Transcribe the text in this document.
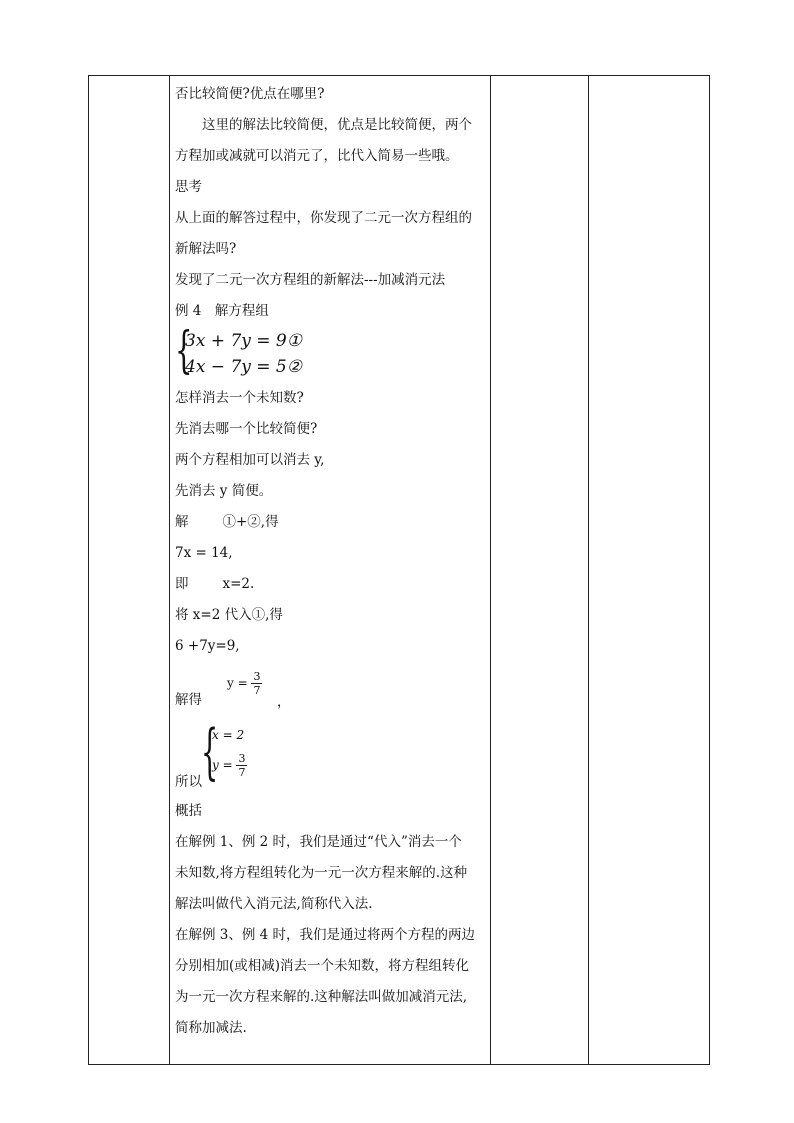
否比较简便?优点在哪里?
这里的解法比较简便，优点是比较简便，两个
方程加或减就可以消元了，比代入简易一些哦。
思考
从上面的解答过程中，你发现了二元一次方程组的
新解法吗?
发现了二元一次方程组的新解法---加减消元法
例 4　解方程组
{
3x + 7y = 9①
4x − 7y = 5②
怎样消去一个未知数?
先消去哪一个比较简便?
两个方程相加可以消去 y,
先消去 y 简便。
解	①+②,得
7x = 14,
即	x=2.
将 x=2 代入①,得
6 +7y=9,
解得
$y = \frac{3}{7}$
，
所以 {
x = 2
$y = \frac{3}{7}$
概括
在解例 1、例 2 时，我们是通过“代入”消去一个
未知数,将方程组转化为一元一次方程来解的.这种
解法叫做代入消元法,简称代入法.
在解例 3、例 4 时，我们是通过将两个方程的两边
分别相加(或相减)消去一个未知数，将方程组转化
为一元一次方程来解的.这种解法叫做加减消元法,
简称加减法.
